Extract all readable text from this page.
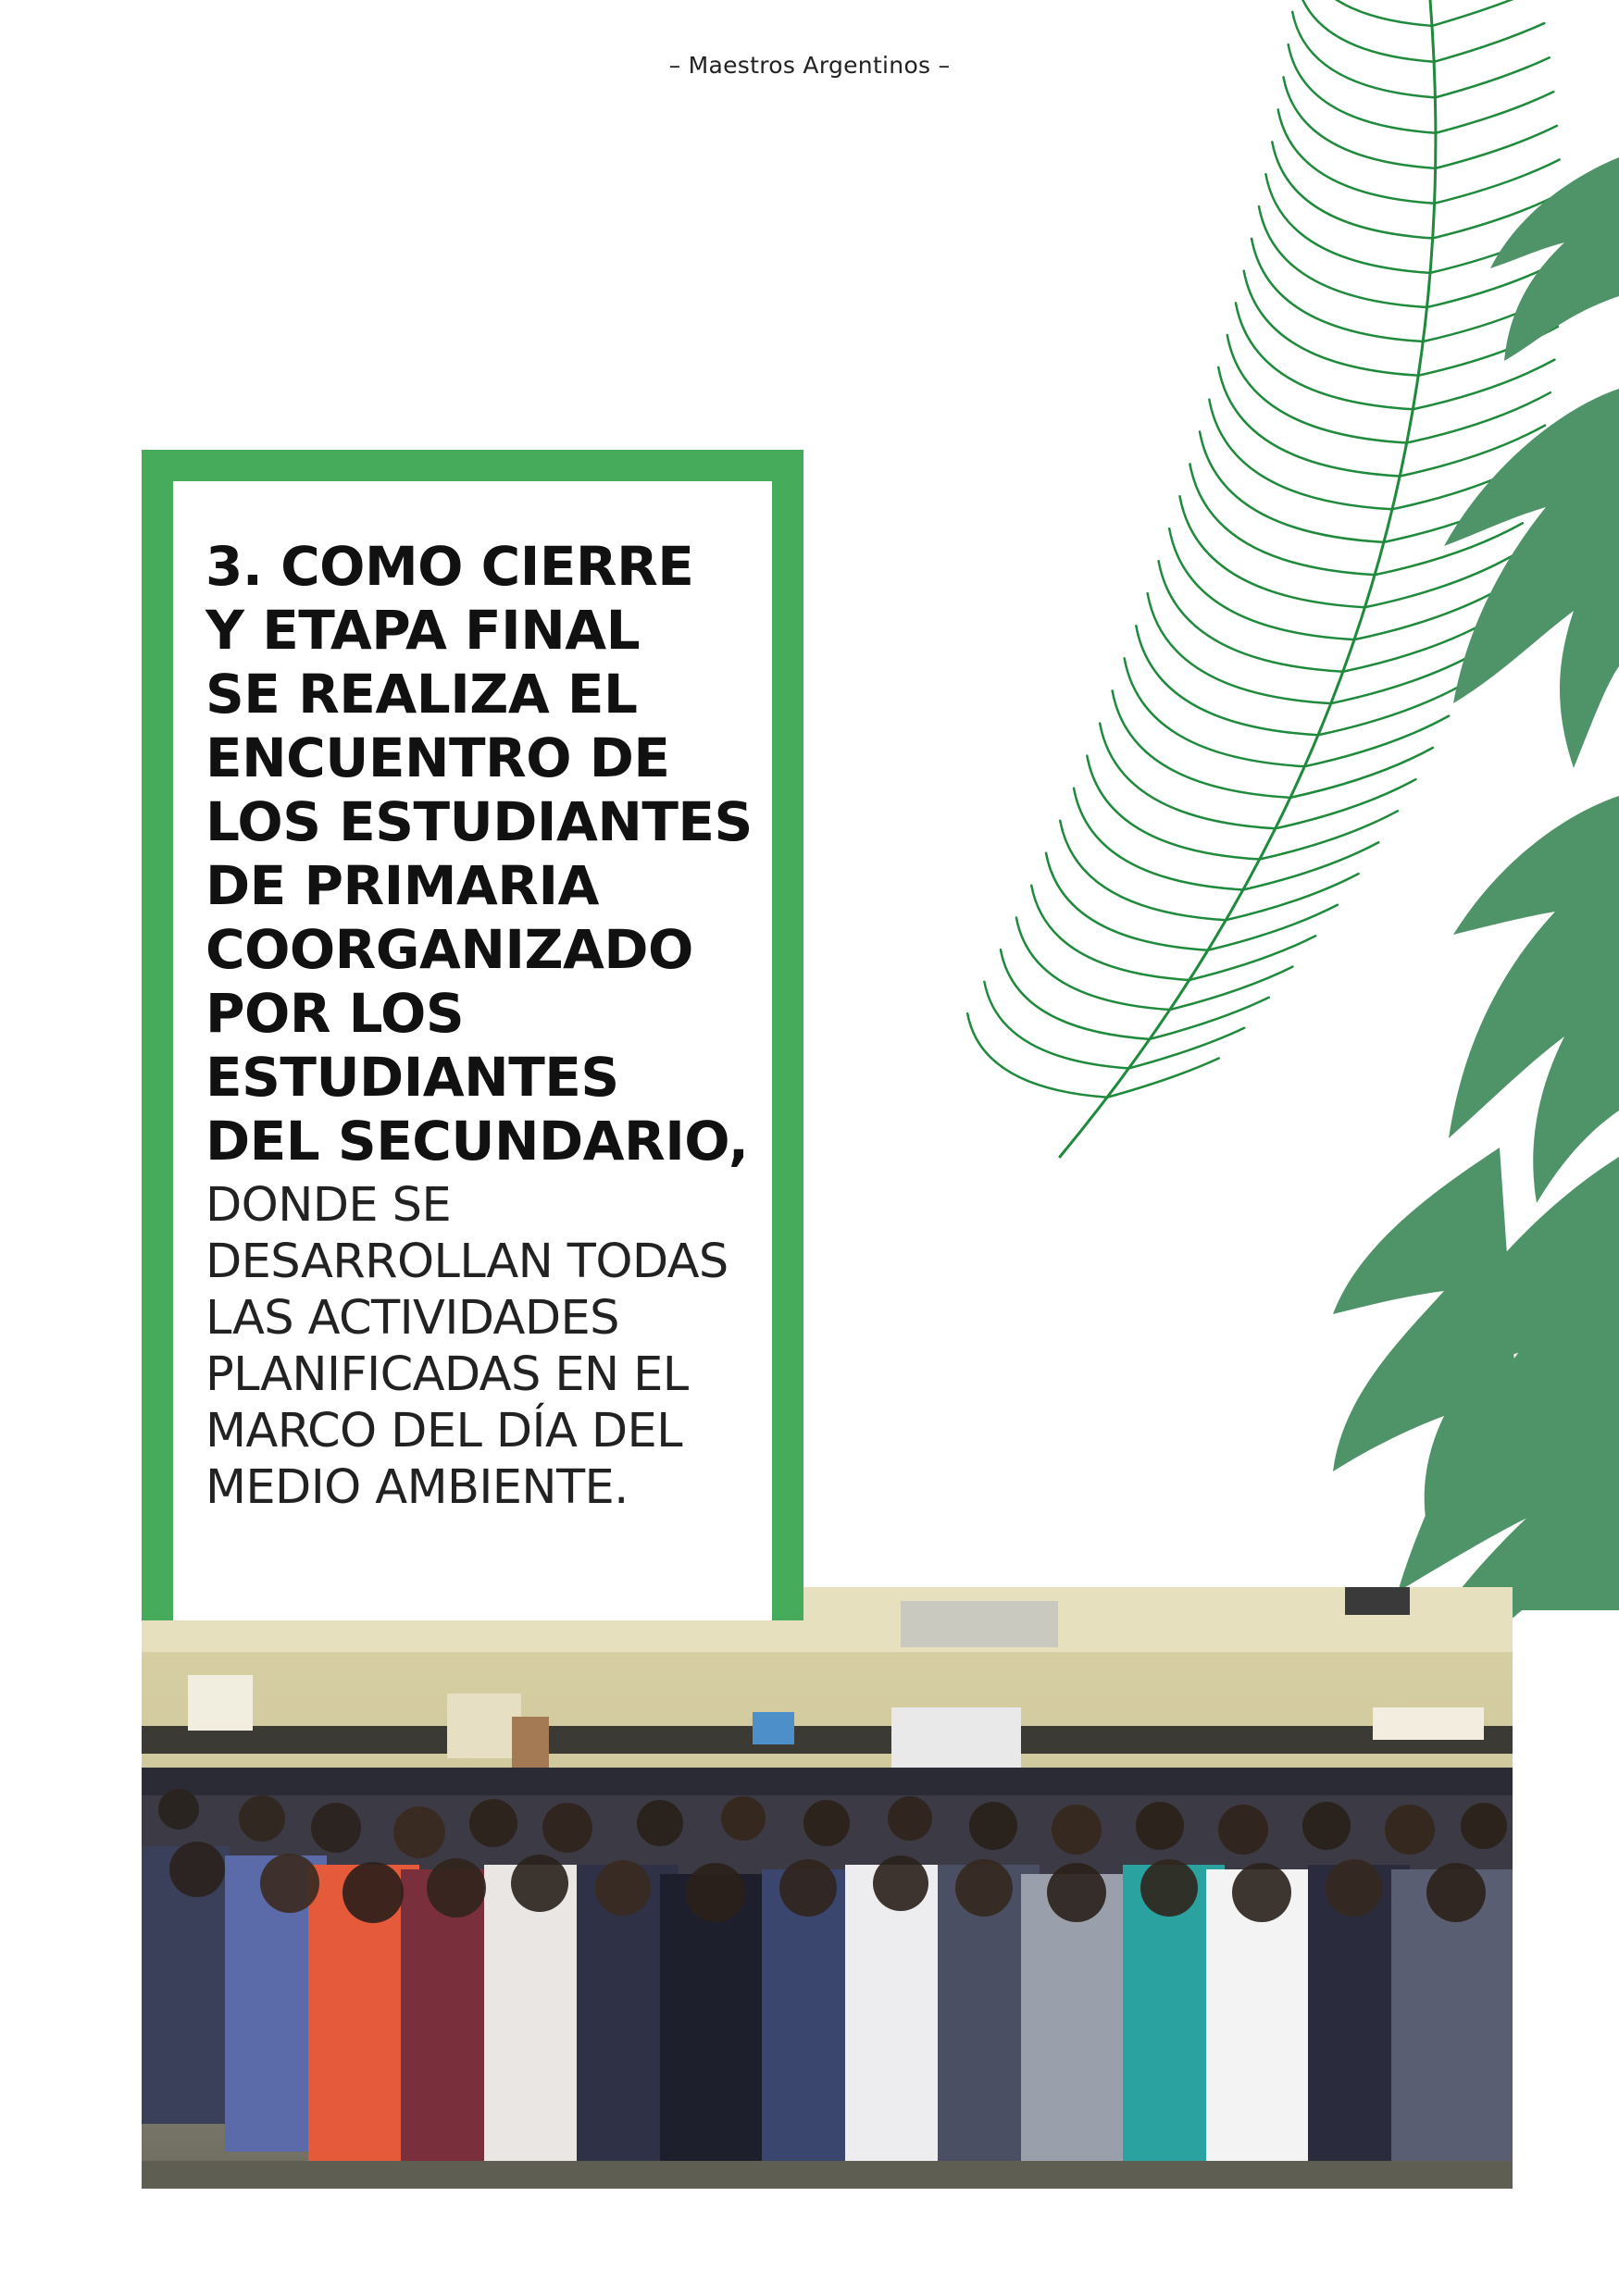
– Maestros Argentinos –

3. COMO CIERRE
Y ETAPA FINAL
SE REALIZA EL
ENCUENTRO DE
LOS ESTUDIANTES
DE PRIMARIA
COORGANIZADO
POR LOS
ESTUDIANTES
DEL SECUNDARIO,

DONDE SE
DESARROLLAN TODAS
LAS ACTIVIDADES
PLANIFICADAS EN EL
MARCO DEL DÍA DEL
MEDIO AMBIENTE.
